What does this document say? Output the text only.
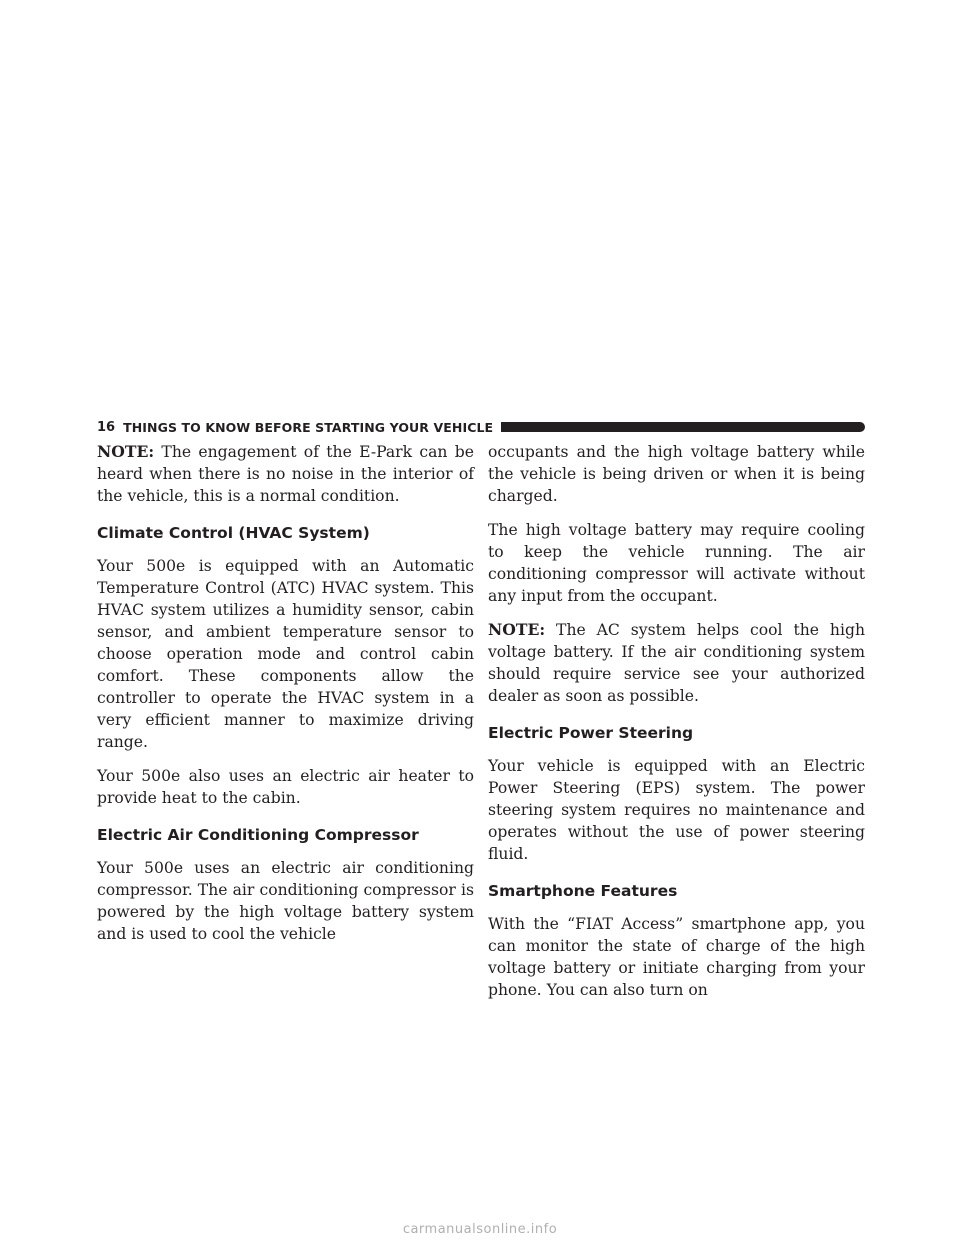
16 THINGS TO KNOW BEFORE STARTING YOUR VEHICLE

NOTE: The engagement of the E-Park can be heard when there is no noise in the interior of the vehicle, this is a normal condition.

Climate Control (HVAC System)

Your 500e is equipped with an Automatic Temperature Control (ATC) HVAC system. This HVAC system utilizes a humidity sensor, cabin sensor, and ambient temperature sensor to choose operation mode and control cabin comfort. These components allow the controller to operate the HVAC system in a very efficient manner to maximize driving range.

Your 500e also uses an electric air heater to provide heat to the cabin.

Electric Air Conditioning Compressor

Your 500e uses an electric air conditioning compressor. The air conditioning compressor is powered by the high voltage battery system and is used to cool the vehicle

occupants and the high voltage battery while the vehicle is being driven or when it is being charged.

The high voltage battery may require cooling to keep the vehicle running. The air conditioning compressor will activate without any input from the occupant.

NOTE: The AC system helps cool the high voltage battery. If the air conditioning system should require service see your authorized dealer as soon as possible.

Electric Power Steering

Your vehicle is equipped with an Electric Power Steering (EPS) system. The power steering system requires no maintenance and operates without the use of power steering fluid.

Smartphone Features

With the “FIAT Access” smartphone app, you can monitor the state of charge of the high voltage battery or initiate charging from your phone. You can also turn on

carmanualsonline.info
